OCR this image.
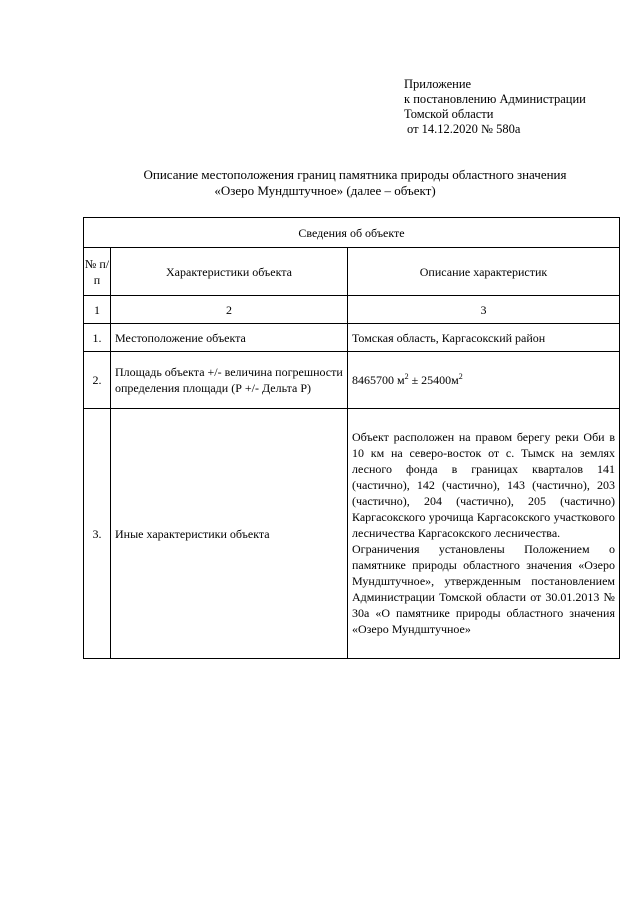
Приложение
к постановлению Администрации
Томской области
от 14.12.2020 № 580а
Описание местоположения границ памятника природы областного значения
«Озеро Мундштучное» (далее – объект)
Сведения об объекте		
№ п/п	Характеристики объекта	Описание характеристик
1	2	3
1.	Местоположение объекта	Томская область, Каргасокский район
2.	Площадь объекта +/- величина погрешности определения площади (Р +/- Дельта Р)	8465700 $м^2 \pm 25400м^2$
3.	Иные характеристики объекта	Объект расположен на правом берегу реки Оби в 10 км на северо-восток от с. Тымск на землях лесного фонда в границах кварталов 141 (частично), 142 (частично), 143 (частично), 203 (частично), 204 (частично), 205 (частично) Каргасокского урочища Каргасокского участкового лесничества Каргасокского лесничества.

Ограничения установлены Положением о памятнике природы областного значения «Озеро Мундштучное», утвержденным постановлением Администрации Томской области от 30.01.2013 № 30а «О памятнике природы областного значения «Озеро Мундштучное»
